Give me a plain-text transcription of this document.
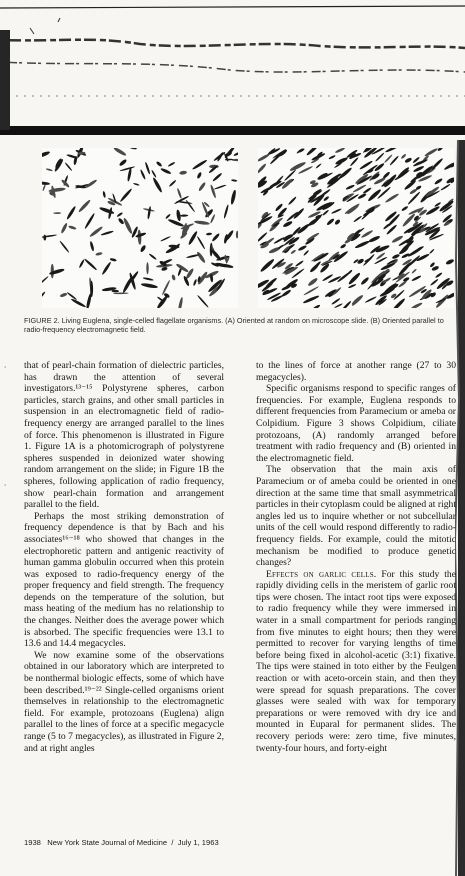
∙
∙
FIGURE 2. Living Euglena, single-celled flagellate organisms. (A) Oriented at random on microscope slide. (B) Oriented parallel to radio-frequency electromagnetic field.

that of pearl-chain formation of dielectric particles, has drawn the attention of several investigators.¹³⁻¹⁵ Polystyrene spheres, carbon particles, starch grains, and other small particles in suspension in an electromagnetic field of radio-frequency energy are arranged parallel to the lines of force. This phenomenon is illustrated in Figure 1. Figure 1A is a photomicrograph of polystyrene spheres suspended in deionized water showing random arrangement on the slide; in Figure 1B the spheres, following application of radio frequency, show pearl-chain formation and arrangement parallel to the field.

Perhaps the most striking demonstration of frequency dependence is that by Bach and his associates¹⁶⁻¹⁸ who showed that changes in the electrophoretic pattern and antigenic reactivity of human gamma globulin occurred when this protein was exposed to radio-frequency energy of the proper frequency and field strength. The frequency depends on the temperature of the solution, but mass heating of the medium has no relationship to the changes. Neither does the average power which is absorbed. The specific frequencies were 13.1 to 13.6 and 14.4 megacycles.

We now examine some of the observations obtained in our laboratory which are interpreted to be nonthermal biologic effects, some of which have been described.¹⁹⁻²² Single-celled organisms orient themselves in relationship to the electromagnetic field. For example, protozoans (Euglena) align parallel to the lines of force at a specific megacycle range (5 to 7 megacycles), as illustrated in Figure 2, and at right angles

to the lines of force at another range (27 to 30 megacycles).

Specific organisms respond to specific ranges of frequencies. For example, Euglena responds to different frequencies from Paramecium or ameba or Colpidium. Figure 3 shows Colpidium, ciliate protozoans, (A) randomly arranged before treatment with radio frequency and (B) oriented in the electromagnetic field.

The observation that the main axis of Paramecium or of ameba could be oriented in one direction at the same time that small asymmetrical particles in their cytoplasm could be aligned at right angles led us to inquire whether or not subcellular units of the cell would respond differently to radio-frequency fields. For example, could the mitotic mechanism be modified to produce genetic changes?

Effects on garlic cells. For this study the rapidly dividing cells in the meristem of garlic root tips were chosen. The intact root tips were exposed to radio frequency while they were immersed in water in a small compartment for periods ranging from five minutes to eight hours; then they were permitted to recover for varying lengths of time before being fixed in alcohol-acetic (3:1) fixative. The tips were stained in toto either by the Feulgen reaction or with aceto-orcein stain, and then they were spread for squash preparations. The cover glasses were sealed with wax for temporary preparations or were removed with dry ice and mounted in Euparal for permanent slides. The recovery periods were: zero time, five minutes, twenty-four hours, and forty-eight

1938 New York State Journal of Medicine / July 1, 1963
